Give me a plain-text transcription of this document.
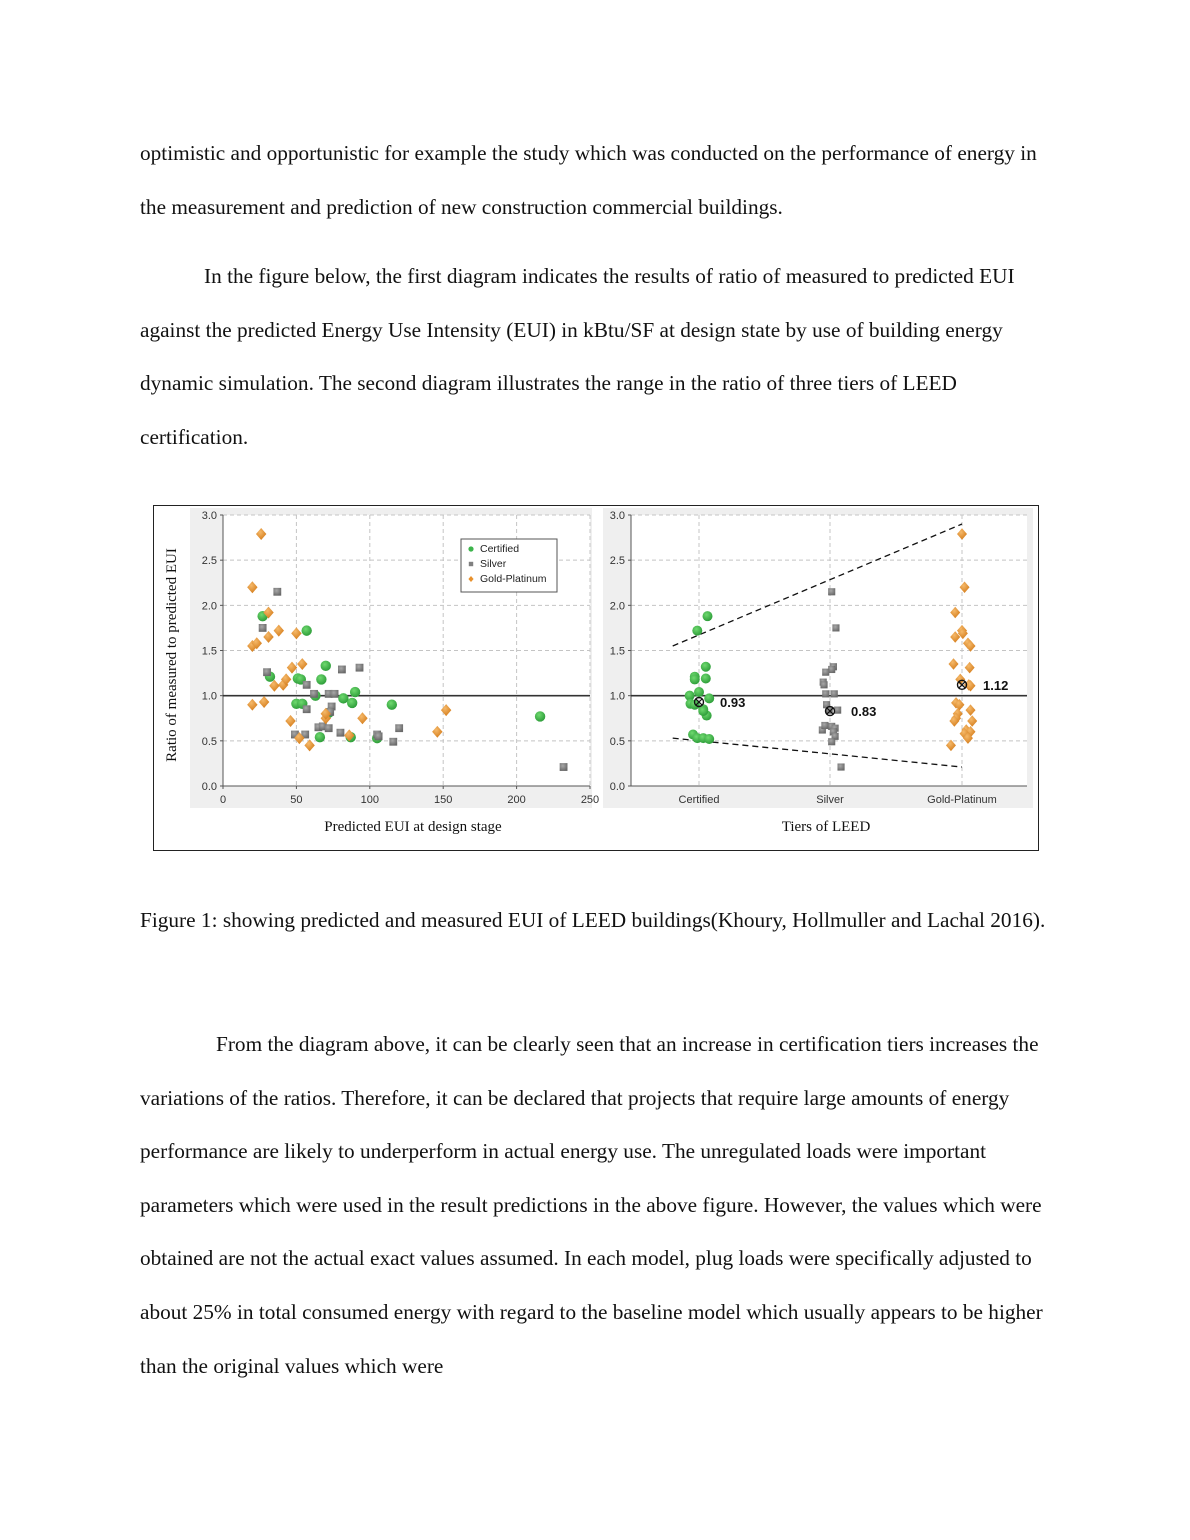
optimistic and opportunistic for example the study which was conducted on the performance of energy in the measurement and prediction of new construction commercial buildings.

In the figure below, the first diagram indicates the results of ratio of measured to predicted EUI against the predicted Energy Use Intensity (EUI) in kBtu/SF at design state by use of building energy dynamic simulation. The second diagram illustrates the range in the ratio of three tiers of LEED certification.

0.0
0.5
1.0
1.5
2.0
2.5
3.0
0	50	100	150	200	250
Certified
Silver
Gold-Platinum
Predicted EUI at design stage
Ratio of measured to predicted EUI
0.0
0.5
1.0
1.5
2.0
2.5
3.0
Certified	Silver	Gold-Platinum
0.93
0.83
1.12
Tiers of LEED

Figure 1: showing predicted and measured EUI of LEED buildings(Khoury, Hollmuller and Lachal 2016).

From the diagram above, it can be clearly seen that an increase in certification tiers increases the variations of the ratios. Therefore, it can be declared that projects that require large amounts of energy performance are likely to underperform in actual energy use. The unregulated loads were important parameters which were used in the result predictions in the above figure. However, the values which were obtained are not the actual exact values assumed. In each model, plug loads were specifically adjusted to about 25% in total consumed energy with regard to the baseline model which usually appears to be higher than the original values which were
